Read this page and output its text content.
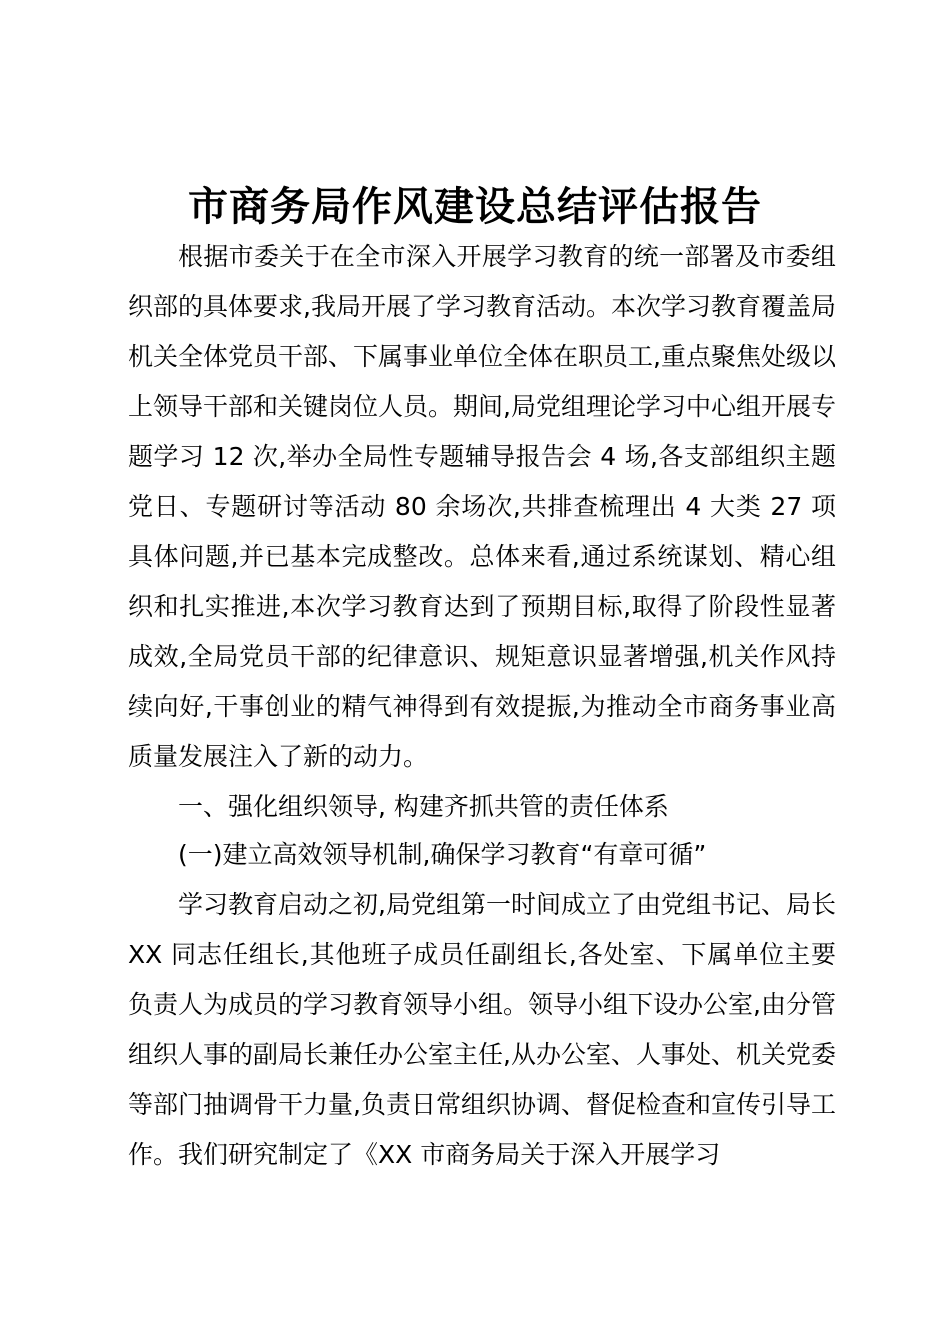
市商务局作风建设总结评估报告

根据市委关于在全市深入开展学习教育的统一部署及市委组织部的具体要求,我局开展了学习教育活动。本次学习教育覆盖局机关全体党员干部、下属事业单位全体在职员工,重点聚焦处级以上领导干部和关键岗位人员。期间,局党组理论学习中心组开展专题学习 12 次,举办全局性专题辅导报告会 4 场,各支部组织主题党日、专题研讨等活动 80 余场次,共排查梳理出 4 大类 27 项具体问题,并已基本完成整改。总体来看,通过系统谋划、精心组织和扎实推进,本次学习教育达到了预期目标,取得了阶段性显著成效,全局党员干部的纪律意识、规矩意识显著增强,机关作风持续向好,干事创业的精气神得到有效提振,为推动全市商务事业高质量发展注入了新的动力。

一、强化组织领导, 构建齐抓共管的责任体系

(一)建立高效领导机制,确保学习教育“有章可循”

学习教育启动之初,局党组第一时间成立了由党组书记、局长 XX 同志任组长,其他班子成员任副组长,各处室、下属单位主要负责人为成员的学习教育领导小组。领导小组下设办公室,由分管组织人事的副局长兼任办公室主任,从办公室、人事处、机关党委等部门抽调骨干力量,负责日常组织协调、督促检查和宣传引导工作。我们研究制定了《XX 市商务局关于深入开展学习
